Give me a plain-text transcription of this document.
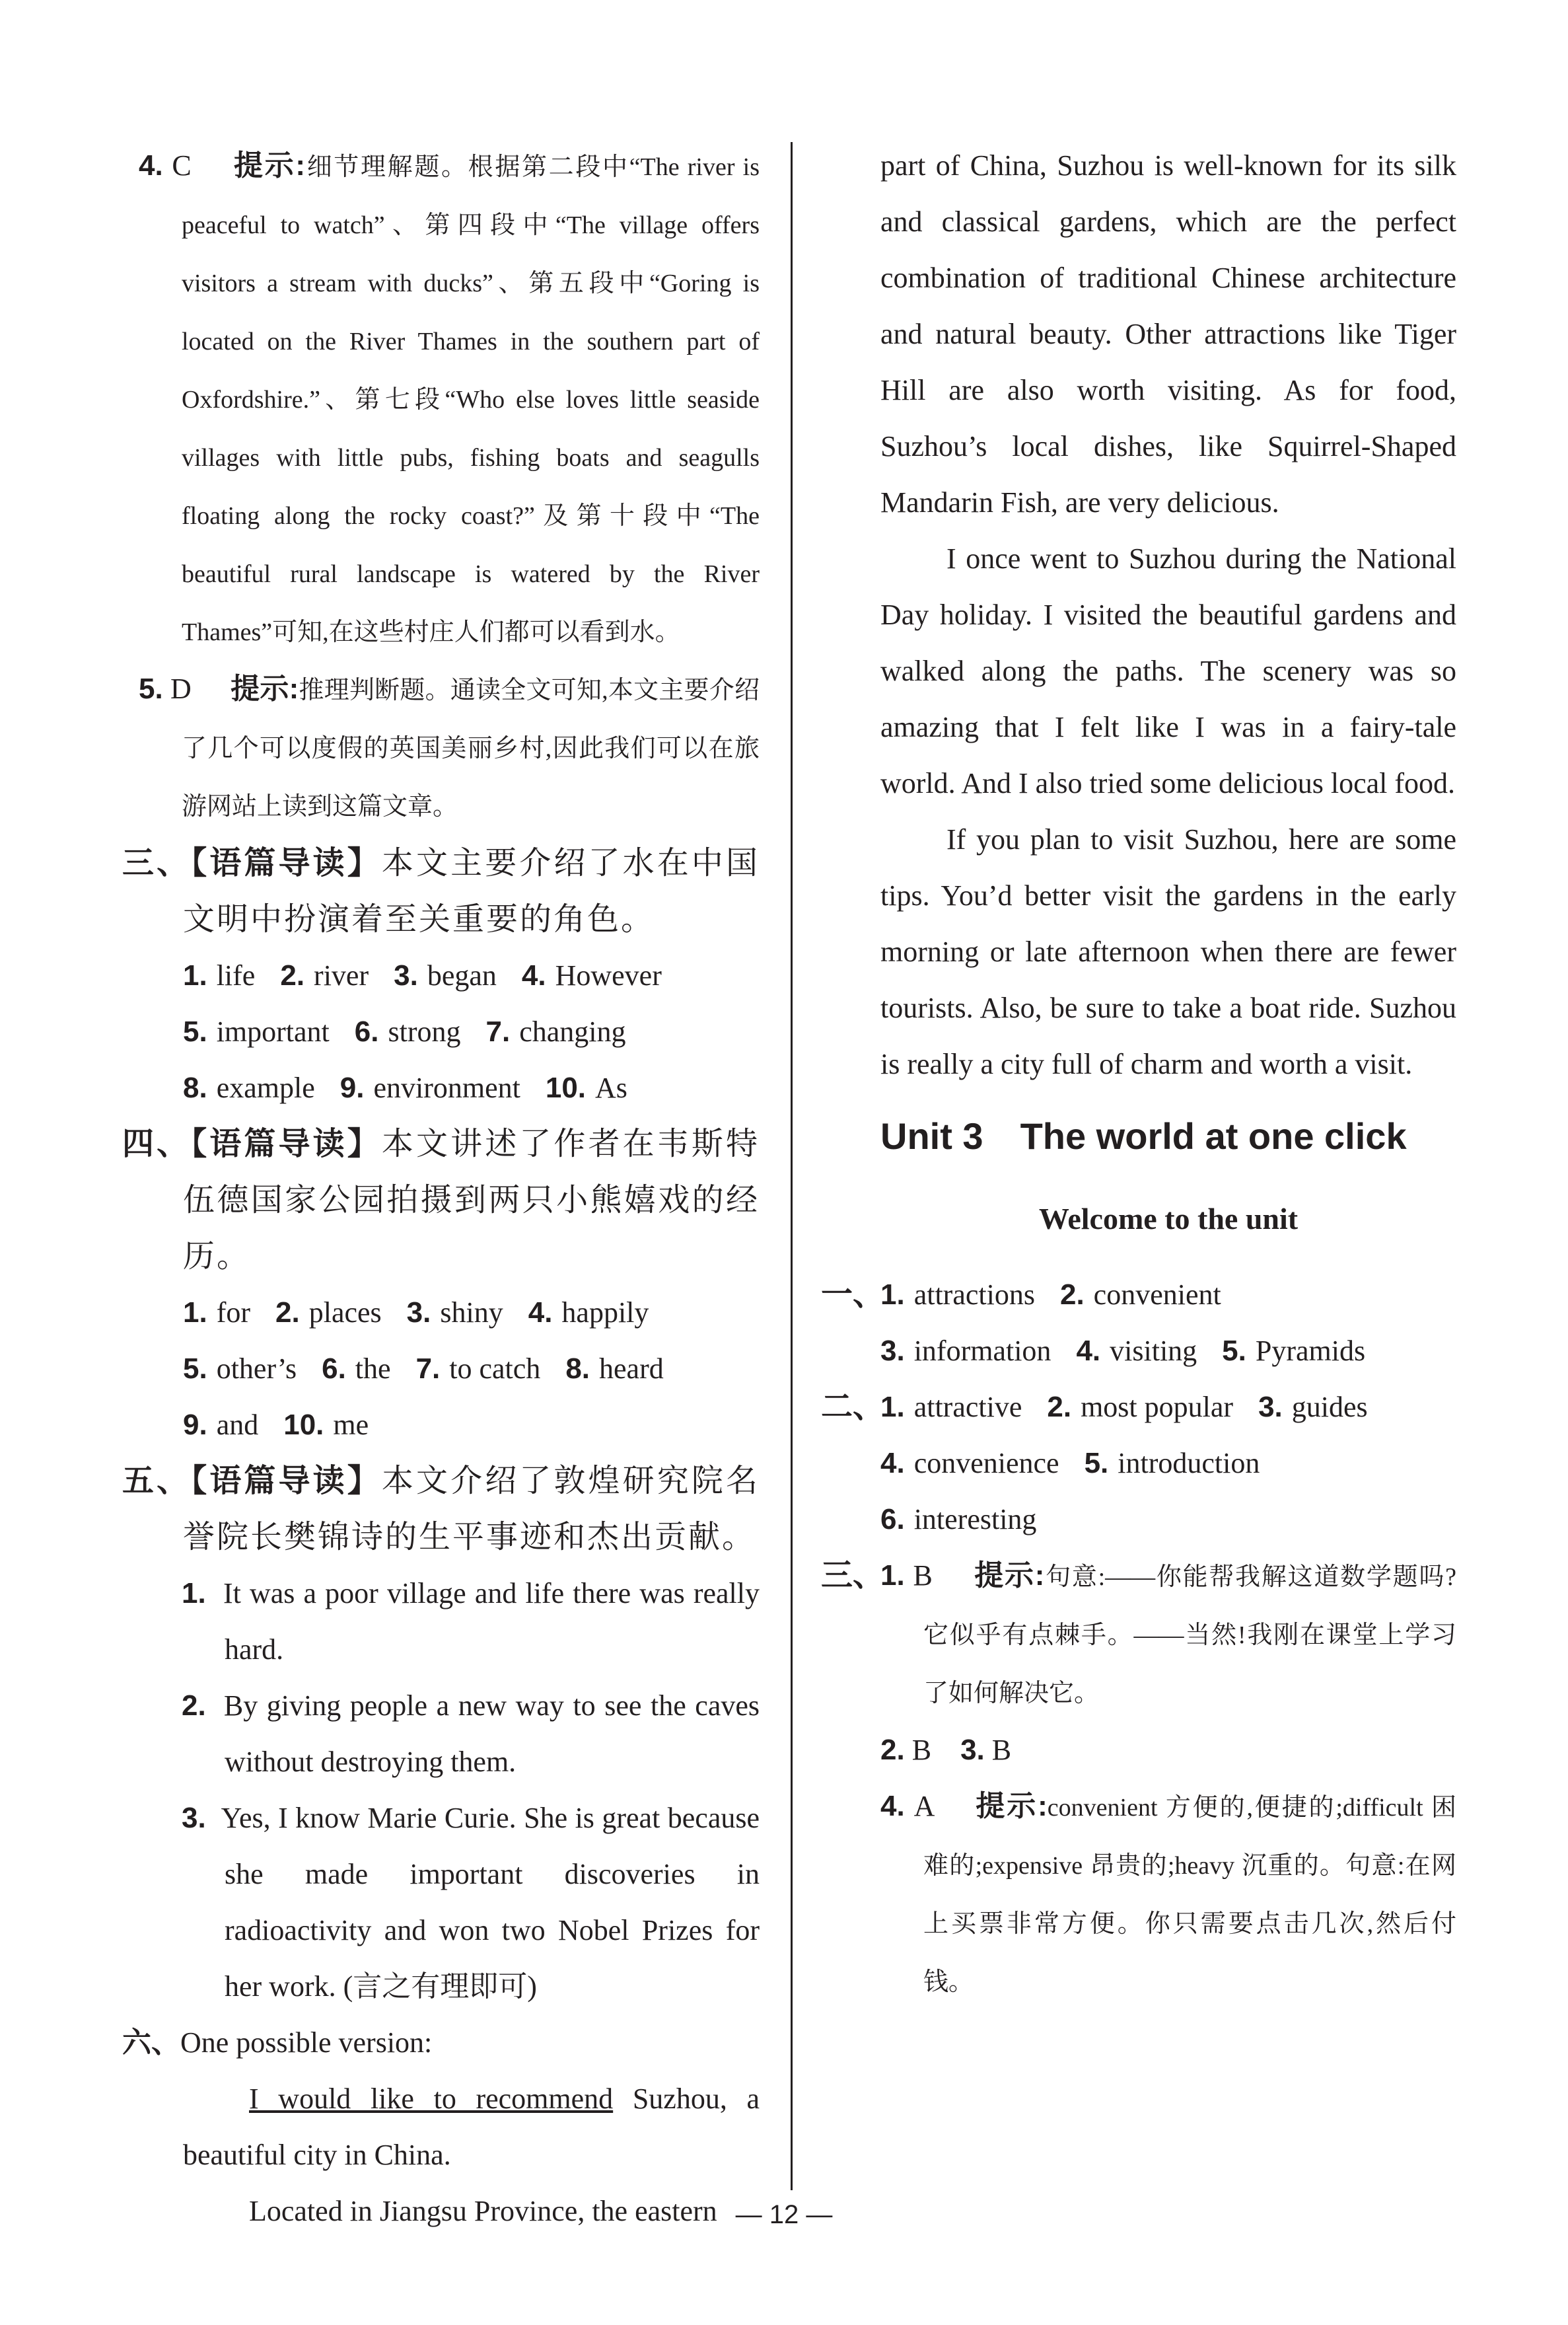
4. C 提示:细节理解题。根据第二段中“The river is peaceful to watch”、第四段中“The village offers visitors a stream with ducks”、第五段中“Goring is located on the River Thames in the southern part of Oxfordshire.”、第七段“Who else loves little seaside villages with little pubs, fishing boats and seagulls floating along the rocky coast?”及第十段中“The beautiful rural landscape is watered by the River Thames”可知,在这些村庄人们都可以看到水。
5. D 提示:推理判断题。通读全文可知,本文主要介绍了几个可以度假的英国美丽乡村,因此我们可以在旅游网站上读到这篇文章。
三、【语篇导读】本文主要介绍了水在中国文明中扮演着至关重要的角色。
1. life 2. river 3. began 4. However
5. important 6. strong 7. changing
8. example 9. environment 10. As
四、【语篇导读】本文讲述了作者在韦斯特伍德国家公园拍摄到两只小熊嬉戏的经历。
1. for 2. places 3. shiny 4. happily
5. other’s 6. the 7. to catch 8. heard
9. and 10. me
五、【语篇导读】本文介绍了敦煌研究院名誉院长樊锦诗的生平事迹和杰出贡献。
1. It was a poor village and life there was really hard.
2. By giving people a new way to see the caves without destroying them.
3. Yes, I know Marie Curie. She is great because she made important discoveries in radioactivity and won two Nobel Prizes for her work. (言之有理即可)
六、One possible version:
I would like to recommend Suzhou, a beautiful city in China.
Located in Jiangsu Province, the eastern
part of China, Suzhou is well-known for its silk and classical gardens, which are the perfect combination of traditional Chinese architecture and natural beauty. Other attractions like Tiger Hill are also worth visiting. As for food, Suzhou’s local dishes, like Squirrel-Shaped Mandarin Fish, are very delicious.
I once went to Suzhou during the National Day holiday. I visited the beautiful gardens and walked along the paths. The scenery was so amazing that I felt like I was in a fairy-tale world. And I also tried some delicious local food.
If you plan to visit Suzhou, here are some tips. You’d better visit the gardens in the early morning or late afternoon when there are fewer tourists. Also, be sure to take a boat ride. Suzhou is really a city full of charm and worth a visit.
Unit 3 The world at one click
Welcome to the unit
一、
1. attractions 2. convenient
3. information 4. visiting 5. Pyramids
二、
1. attractive 2. most popular 3. guides
4. convenience 5. introduction
6. interesting
三、
1. B 提示:句意:——你能帮我解这道数学题吗?它似乎有点棘手。——当然!我刚在课堂上学习了如何解决它。
2. B 3. B
4. A 提示:convenient 方便的,便捷的;difficult 困难的;expensive 昂贵的;heavy 沉重的。句意:在网上买票非常方便。你只需要点击几次,然后付钱。
— 12 —
